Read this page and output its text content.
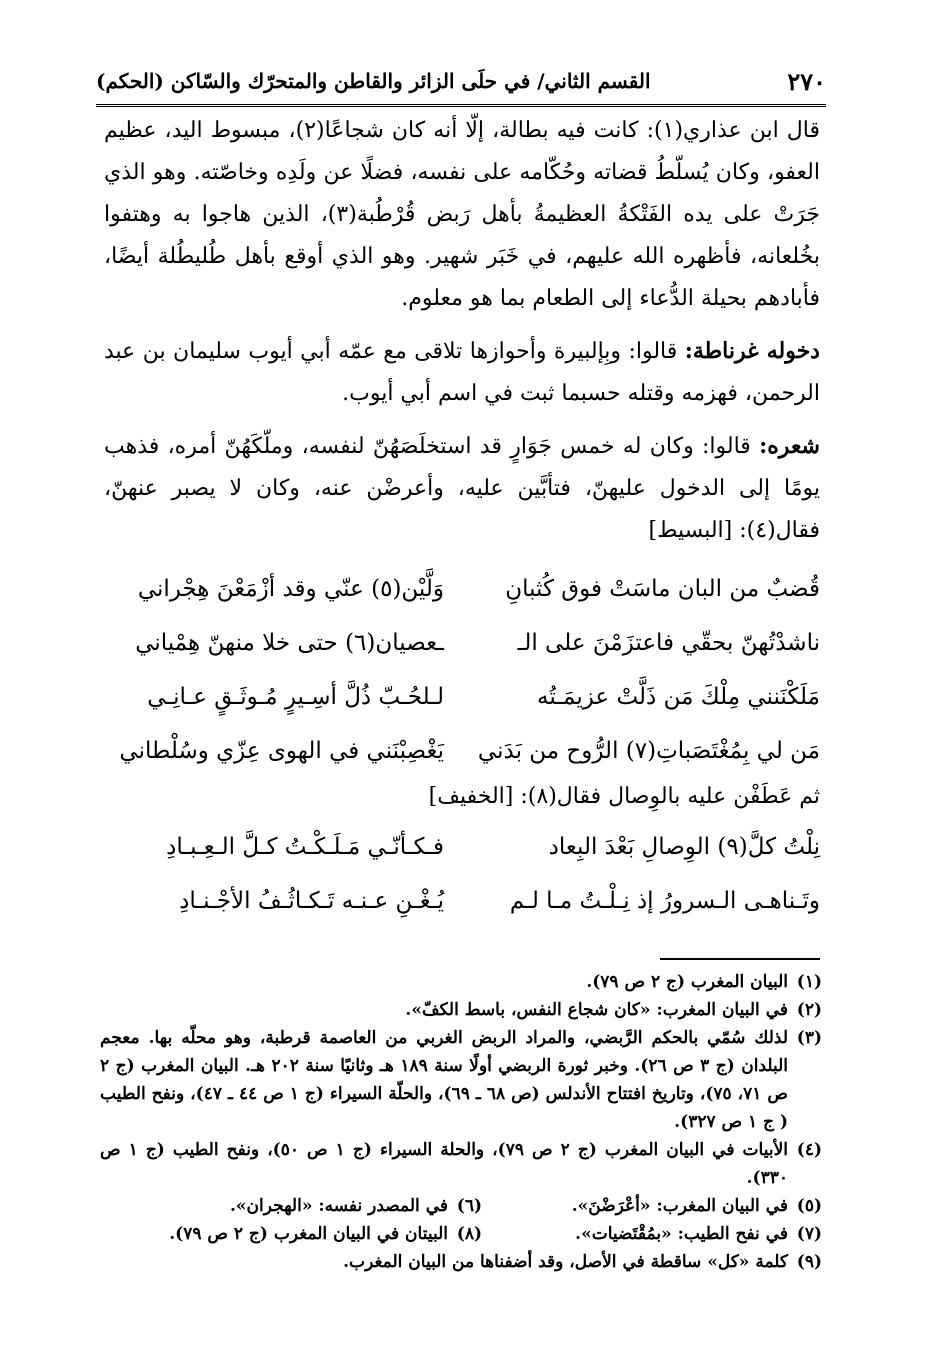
٢٧٠
القسم الثاني/ في حلَى الزائر والقاطن والمتحرّك والسّاكن (الحكم)

قال ابن عذاري(١): كانت فيه بطالة، إلّا أنه كان شجاعًا(٢)، مبسوط اليد، عظيم العفو، وكان يُسلّطُ قضاته وحُكّامه على نفسه، فضلًا عن ولَدِه وخاصّته. وهو الذي جَرَتْ على يده الفَتْكةُ العظيمةُ بأهل رَبض قُرْطُبة(٣)، الذين هاجوا به وهتفوا بخُلعانه، فأظهره الله عليهم، في خَبَر شهير. وهو الذي أوقع بأهل طُليطُلة أيضًا، فأبادهم بحيلة الدُّعاء إلى الطعام بما هو معلوم.

دخوله غرناطة: قالوا: وبِإلبيرة وأحوازها تلاقى مع عمّه أبي أيوب سليمان بن عبد الرحمن، فهزمه وقتله حسبما ثبت في اسم أبي أيوب.

شعره: قالوا: وكان له خمس جَوَارٍ قد استخلَصَهُنّ لنفسه، وملّكَهُنّ أمره، فذهب يومًا إلى الدخول عليهنّ، فتأبَّين عليه، وأعرضْن عنه، وكان لا يصبر عنهنّ، فقال(٤): [البسيط]

قُضبٌ من البان ماسَتْ فوق كُثبانِ
وَلَّيْن(٥) عنّي وقد أزْمَعْنَ هِجْراني
ناشدْتُهنّ بحقّي فاعتزَمْنَ على الـ
ـعصيان(٦) حتى خلا منهنّ هِمْياني
مَلَكْنَنني مِلْكَ مَن ذَلَّتْ عزيمَـتُه
لـلحُـبّ ذُلَّ أسِـيرٍ مُـوثَـقٍ عـانِـي
مَن لي بِمُغْتَصَباتِ(٧) الرُّوح من بَدَني
يَغْصِبْنَني في الهوى عِزّي وسُلْطاني
ثم عَطَفْن عليه بالوِصال فقال(٨): [الخفيف]
نِلْتُ كلَّ(٩) الوِصالِ بَعْدَ البِعاد
فـكـأنّـي مَـلَـكْـتُ كـلَّ الـعِـبـادِ
وتَـناهـى الـسرورُ إذ نِـلْـتُ مـا لـم
يُـغْـنِ عـنـه تَـكـاثُـفُ الأجْـنـادِ
(١)
البيان المغرب (ج ٢ ص ٧٩).
(٢)
في البيان المغرب: «كان شجاع النفس، باسط الكفّ».
(٣)
لذلك سُمّي بالحكم الرَّبضي، والمراد الربض الغربي من العاصمة قرطبة، وهو محلّه بها. معجم البلدان (ج ٣ ص ٢٦). وخبر ثورة الربضي أولًا سنة ١٨٩ هـ وثانيًا سنة ٢٠٢ هـ. البيان المغرب (ج ٢ ص ٧١، ٧٥)، وتاريخ افتتاح الأندلس (ص ٦٨ ـ ٦٩)، والحلّة السيراء (ج ١ ص ٤٤ ـ ٤٧)، ونفح الطيب ( ج ١ ص ٣٢٧).
(٤)
الأبيات في البيان المغرب (ج ٢ ص ٧٩)، والحلة السيراء (ج ١ ص ٥٠)، ونفح الطيب (ج ١ ص ٣٣٠).
(٥)
في البيان المغرب: «أعْرَضْنَ».
(٦)
في المصدر نفسه: «الهجران».
(٧)
في نفح الطيب: «بمُقْتَضيات».
(٨)
البيتان في البيان المغرب (ج ٢ ص ٧٩).
(٩)
كلمة «كل» ساقطة في الأصل، وقد أضفناها من البيان المغرب.
